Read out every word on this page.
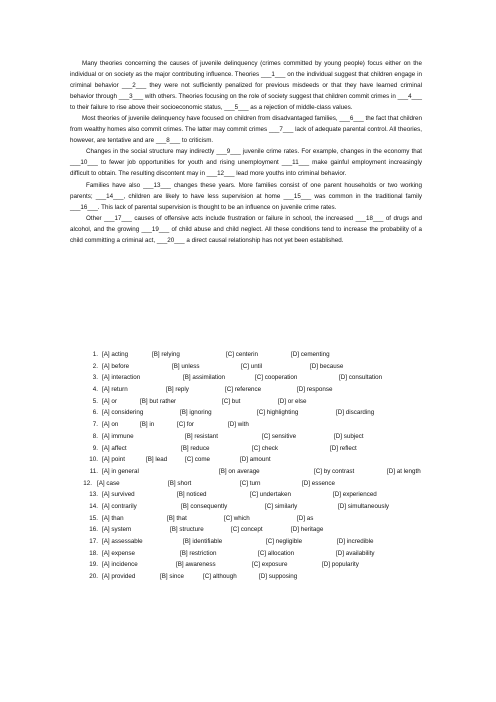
Many theories concerning the causes of juvenile delinquency (crimes committed by young people) focus either on the individual or on society as the major contributing influence. Theories ___1___ on the individual suggest that children engage in criminal behavior ___2___ they were not sufficiently penalized for previous misdeeds or that they have learned criminal behavior through ___3___ with others. Theories focusing on the role of society suggest that children commit crimes in ___4___ to their failure to rise above their socioeconomic status, ___5___ as a rejection of middle-class values.

Most theories of juvenile delinquency have focused on children from disadvantaged families, ___6___ the fact that children from wealthy homes also commit crimes. The latter may commit crimes ___7___ lack of adequate parental control. All theories, however, are tentative and are ___8___ to criticism.

Changes in the social structure may indirectly ___9___ juvenile crime rates. For example, changes in the economy that ___10___ to fewer job opportunities for youth and rising unemployment ___11___ make gainful employment increasingly difficult to obtain. The resulting discontent may in ___12___ lead more youths into criminal behavior.

Families have also ___13___ changes these years. More families consist of one parent households or two working parents; ___14___, children are likely to have less supervision at home ___15___ was common in the traditional family ___16___. This lack of parental supervision is thought to be an influence on juvenile crime rates.

Other ___17___ causes of offensive acts include frustration or failure in school, the increased ___18___ of drugs and alcohol, and the growing ___19___ of child abuse and child neglect. All these conditions tend to increase the probability of a child committing a criminal act, ___20___ a direct causal relationship has not yet been established.

1. [A] acting	[B] relying	[C] centerin	[D] cementing
2. [A] before	[B] unless	[C] until	[D] because
3. [A] interaction	[B] assimilation	[C] cooperation	[D] consultation
4. [A] return	[B] reply	[C] reference	[D] response
5. [A] or	[B] but rather	[C] but	[D] or else
6. [A] considering	[B] ignoring	[C] highlighting	[D] discarding
7. [A] on	[B] in	[C] for	[D] with
8. [A] immune	[B] resistant	[C] sensitive	[D] subject
9. [A] affect	[B] reduce	[C] check	[D] reflect
10. [A] point	[B] lead	[C] come	[D] amount
11. [A] in general	[B] on average	[C] by contrast	[D] at length
12. [A] case	[B] short	[C] turn	[D] essence
13. [A] survived	[B] noticed	[C] undertaken	[D] experienced
14. [A] contrarily	[B] consequently	[C] similarly	[D] simultaneously
15. [A] than	[B] that	[C] which	[D] as
16. [A] system	[B] structure	[C] concept	[D] heritage
17. [A] assessable	[B] identifiable	[C] negligible	[D] incredible
18. [A] expense	[B] restriction	[C] allocation	[D] availability
19. [A] incidence	[B] awareness	[C] exposure	[D] popularity
20. [A] provided	[B] since	[C] although	[D] supposing
